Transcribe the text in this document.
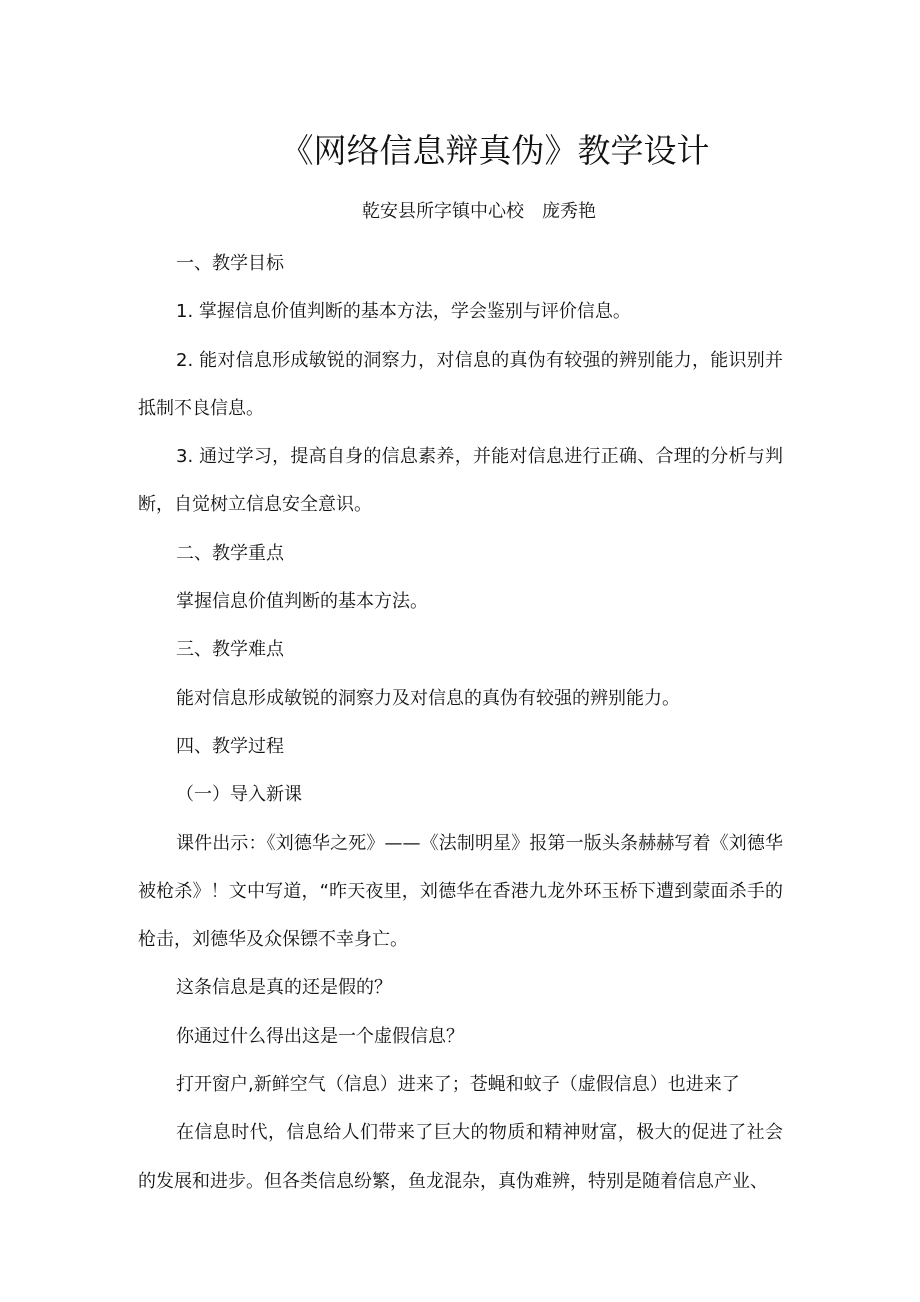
《网络信息辩真伪》教学设计
乾安县所字镇中心校 庞秀艳

一、教学目标

1. 掌握信息价值判断的基本方法，学会鉴别与评价信息。

2. 能对信息形成敏锐的洞察力，对信息的真伪有较强的辨别能力，能识别并抵制不良信息。

3. 通过学习，提高自身的信息素养，并能对信息进行正确、合理的分析与判断，自觉树立信息安全意识。

二、教学重点

掌握信息价值判断的基本方法。

三、教学难点

能对信息形成敏锐的洞察力及对信息的真伪有较强的辨别能力。

四、教学过程

（一）导入新课

课件出示：《刘德华之死》——《法制明星》报第一版头条赫赫写着《刘德华被枪杀》！文中写道，“昨天夜里，刘德华在香港九龙外环玉桥下遭到蒙面杀手的枪击，刘德华及众保镖不幸身亡。

这条信息是真的还是假的？

你通过什么得出这是一个虚假信息？

打开窗户,新鲜空气（信息）进来了；苍蝇和蚊子（虚假信息）也进来了

在信息时代，信息给人们带来了巨大的物质和精神财富，极大的促进了社会的发展和进步。但各类信息纷繁，鱼龙混杂，真伪难辨，特别是随着信息产业、
